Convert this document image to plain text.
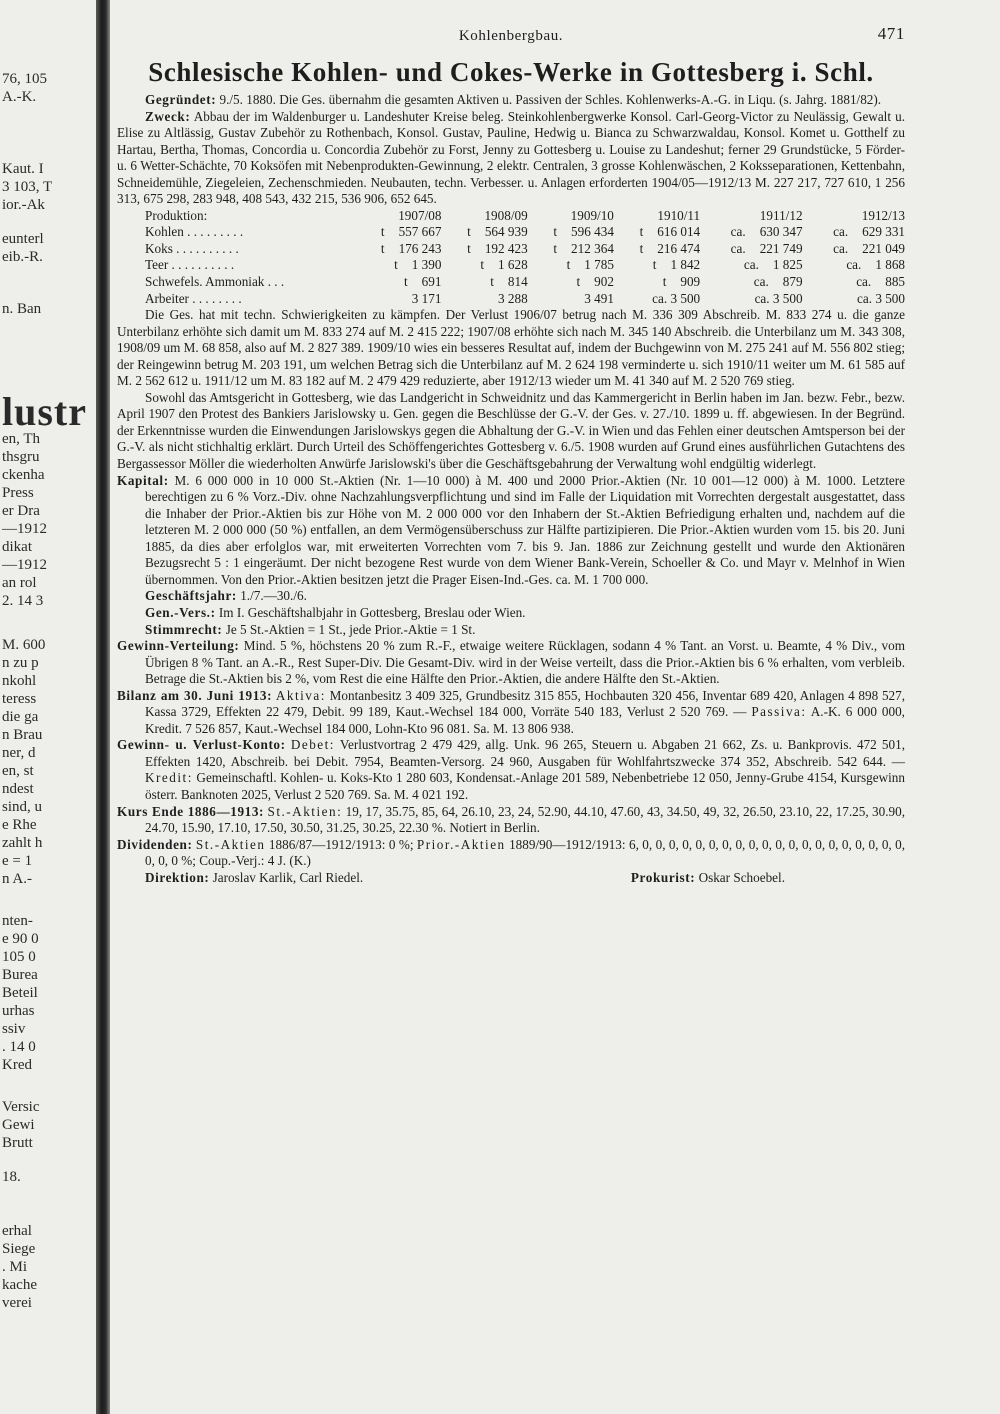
76, 105
A.-K.
Kaut. I
3 103, T
ior.-Ak
eunterl
eib.-R.
n. Ban
en, Th
thsgru
ckenha
Press
er Dra
—1912
dikat
—1912
an rol
2. 14 3
M. 600
n zu p
nkohl
teress
die ga
n Brau
ner, d
en, st
ndest
sind, u
e Rhe
zahlt h
e = 1
n A.-
nten-
e 90 0
105 0
Burea
Beteil
urhas
ssiv
. 14 0
Kred
Versic
Gewi
Brutt
18.
erhal
Siege
. Mi
kache
verei
lustr
Kohlenbergbau.	471
Schlesische Kohlen- und Cokes-Werke in Gottesberg i. Schl.

Gegründet: 9./5. 1880. Die Ges. übernahm die gesamten Aktiven u. Passiven der Schles. Kohlenwerks-A.-G. in Liqu. (s. Jahrg. 1881/82).

Zweck: Abbau der im Waldenburger u. Landeshuter Kreise beleg. Steinkohlenbergwerke Konsol. Carl-Georg-Victor zu Neulässig, Gewalt u. Elise zu Altlässig, Gustav Zubehör zu Rothenbach, Konsol. Gustav, Pauline, Hedwig u. Bianca zu Schwarzwaldau, Konsol. Komet u. Gotthelf zu Hartau, Bertha, Thomas, Concordia u. Concordia Zubehör zu Forst, Jenny zu Gottesberg u. Louise zu Landeshut; ferner 29 Grundstücke, 5 Förder- u. 6 Wetter-Schächte, 70 Koksöfen mit Nebenprodukten-Gewinnung, 2 elektr. Centralen, 3 grosse Kohlenwäschen, 2 Koksseparationen, Kettenbahn, Schneidemühle, Ziegeleien, Zechenschmieden. Neubauten, techn. Verbesser. u. Anlagen erforderten 1904/05—1912/13 M. 227 217, 727 610, 1 256 313, 675 298, 283 948, 408 543, 432 215, 536 906, 652 645.

Produktion:	1907/08	1908/09	1909/10	1910/11	1911/12	1912/13
Kohlen . . . . . . . . .	t 557 667	t 564 939	t 596 434	t 616 014	ca. 630 347	ca. 629 331
Koks . . . . . . . . . .	t 176 243	t 192 423	t 212 364	t 216 474	ca. 221 749	ca. 221 049
Teer . . . . . . . . . .	t 1 390	t 1 628	t 1 785	t 1 842	ca. 1 825	ca. 1 868
Schwefels. Ammoniak . . .	t 691	t 814	t 902	t 909	ca. 879	ca. 885
Arbeiter . . . . . . . .	3 171	3 288	3 491	ca. 3 500	ca. 3 500	ca. 3 500

Die Ges. hat mit techn. Schwierigkeiten zu kämpfen. Der Verlust 1906/07 betrug nach M. 336 309 Abschreib. M. 833 274 u. die ganze Unterbilanz erhöhte sich damit um M. 833 274 auf M. 2 415 222; 1907/08 erhöhte sich nach M. 345 140 Abschreib. die Unterbilanz um M. 343 308, 1908/09 um M. 68 858, also auf M. 2 827 389. 1909/10 wies ein besseres Resultat auf, indem der Buchgewinn von M. 275 241 auf M. 556 802 stieg; der Reingewinn betrug M. 203 191, um welchen Betrag sich die Unterbilanz auf M. 2 624 198 verminderte u. sich 1910/11 weiter um M. 61 585 auf M. 2 562 612 u. 1911/12 um M. 83 182 auf M. 2 479 429 reduzierte, aber 1912/13 wieder um M. 41 340 auf M. 2 520 769 stieg.

Sowohl das Amtsgericht in Gottesberg, wie das Landgericht in Schweidnitz und das Kammergericht in Berlin haben im Jan. bezw. Febr., bezw. April 1907 den Protest des Bankiers Jarislowsky u. Gen. gegen die Beschlüsse der G.-V. der Ges. v. 27./10. 1899 u. ff. abgewiesen. In der Begründ. der Erkenntnisse wurden die Einwendungen Jarislowskys gegen die Abhaltung der G.-V. in Wien und das Fehlen einer deutschen Amtsperson bei der G.-V. als nicht stichhaltig erklärt. Durch Urteil des Schöffengerichtes Gottesberg v. 6./5. 1908 wurden auf Grund eines ausführlichen Gutachtens des Bergassessor Möller die wiederholten Anwürfe Jarislowski's über die Geschäftsgebahrung der Verwaltung wohl endgültig widerlegt.

Kapital: M. 6 000 000 in 10 000 St.-Aktien (Nr. 1—10 000) à M. 400 und 2000 Prior.-Aktien (Nr. 10 001—12 000) à M. 1000. Letztere berechtigen zu 6 % Vorz.-Div. ohne Nachzahlungsverpflichtung und sind im Falle der Liquidation mit Vorrechten dergestalt ausgestattet, dass die Inhaber der Prior.-Aktien bis zur Höhe von M. 2 000 000 vor den Inhabern der St.-Aktien Befriedigung erhalten und, nachdem auf die letzteren M. 2 000 000 (50 %) entfallen, an dem Vermögensüberschuss zur Hälfte partizipieren. Die Prior.-Aktien wurden vom 15. bis 20. Juni 1885, da dies aber erfolglos war, mit erweiterten Vorrechten vom 7. bis 9. Jan. 1886 zur Zeichnung gestellt und wurde den Aktionären Bezugsrecht 5 : 1 eingeräumt. Der nicht bezogene Rest wurde von dem Wiener Bank-Verein, Schoeller & Co. und Mayr v. Melnhof in Wien übernommen. Von den Prior.-Aktien besitzen jetzt die Prager Eisen-Ind.-Ges. ca. M. 1 700 000.

Geschäftsjahr: 1./7.—30./6.

Gen.-Vers.: Im I. Geschäftshalbjahr in Gottesberg, Breslau oder Wien.

Stimmrecht: Je 5 St.-Aktien = 1 St., jede Prior.-Aktie = 1 St.

Gewinn-Verteilung: Mind. 5 %, höchstens 20 % zum R.-F., etwaige weitere Rücklagen, sodann 4 % Tant. an Vorst. u. Beamte, 4 % Div., vom Übrigen 8 % Tant. an A.-R., Rest Super-Div. Die Gesamt-Div. wird in der Weise verteilt, dass die Prior.-Aktien bis 6 % erhalten, vom verbleib. Betrage die St.-Aktien bis 2 %, vom Rest die eine Hälfte den Prior.-Aktien, die andere Hälfte den St.-Aktien.

Bilanz am 30. Juni 1913: Aktiva: Montanbesitz 3 409 325, Grundbesitz 315 855, Hochbauten 320 456, Inventar 689 420, Anlagen 4 898 527, Kassa 3729, Effekten 22 479, Debit. 99 189, Kaut.-Wechsel 184 000, Vorräte 540 183, Verlust 2 520 769. — Passiva: A.-K. 6 000 000, Kredit. 7 526 857, Kaut.-Wechsel 184 000, Lohn-Kto 96 081. Sa. M. 13 806 938.

Gewinn- u. Verlust-Konto: Debet: Verlustvortrag 2 479 429, allg. Unk. 96 265, Steuern u. Abgaben 21 662, Zs. u. Bankprovis. 472 501, Effekten 1420, Abschreib. bei Debit. 7954, Beamten-Versorg. 24 960, Ausgaben für Wohlfahrtszwecke 374 352, Abschreib. 542 644. — Kredit: Gemeinschaftl. Kohlen- u. Koks-Kto 1 280 603, Kondensat.-Anlage 201 589, Nebenbetriebe 12 050, Jenny-Grube 4154, Kursgewinn österr. Banknoten 2025, Verlust 2 520 769. Sa. M. 4 021 192.

Kurs Ende 1886—1913: St.-Aktien: 19, 17, 35.75, 85, 64, 26.10, 23, 24, 52.90, 44.10, 47.60, 43, 34.50, 49, 32, 26.50, 23.10, 22, 17.25, 30.90, 24.70, 15.90, 17.10, 17.50, 30.50, 31.25, 30.25, 22.30 %. Notiert in Berlin.

Dividenden: St.-Aktien 1886/87—1912/1913: 0 %; Prior.-Aktien 1889/90—1912/1913: 6, 0, 0, 0, 0, 0, 0, 0, 0, 0, 0, 0, 0, 0, 0, 0, 0, 0, 0, 0, 0, 0, 0, 0 %; Coup.-Verj.: 4 J. (K.)

Direktion: Jaroslav Karlik, Carl Riedel.	Prokurist: Oskar Schoebel.
